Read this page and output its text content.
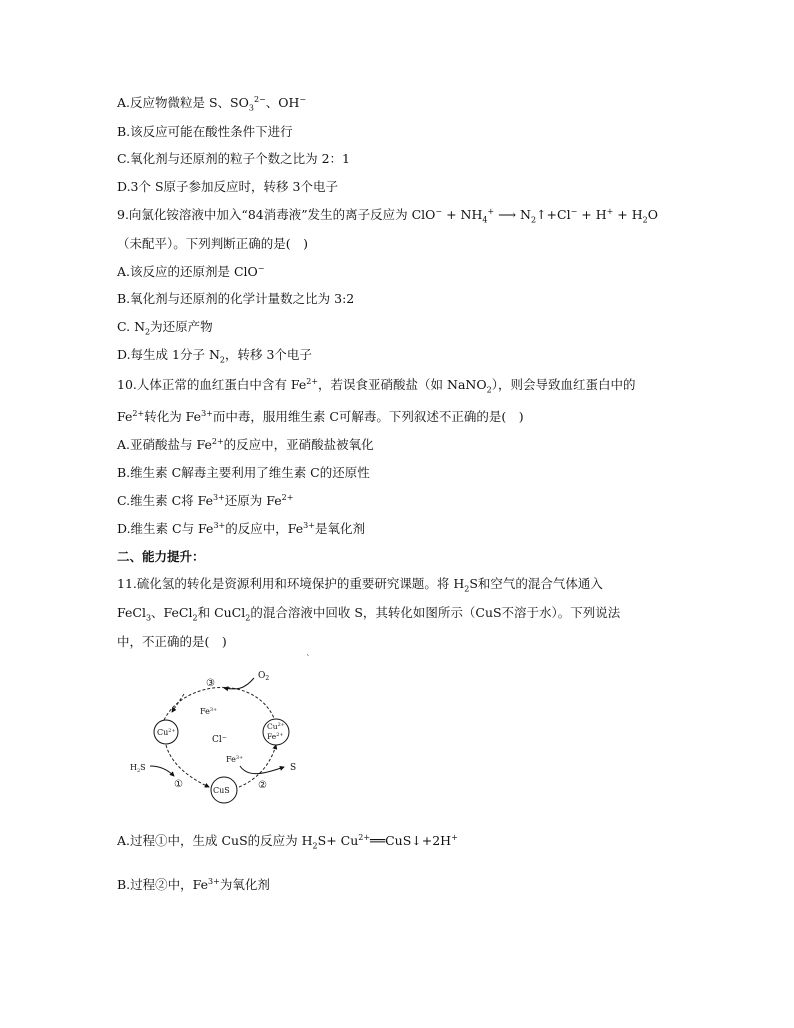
A.反应物微粒是 S、$SO_3^{2-}$、OH−
B.该反应可能在酸性条件下进行
C.氧化剂与还原剂的粒子个数之比为 2：1
D.3个 S原子参加反应时，转移 3个电子
9.向氯化铵溶液中加入“84消毒液”发生的离子反应为 $ClO^- + NH_4^+$ ⟶ $N_2↑+Cl^- + H^+ + H_2O$
（未配平）。下列判断正确的是(　)
A.该反应的还原剂是 ClO−
B.氧化剂与还原剂的化学计量数之比为 3:2
C. $N_2$为还原产物
D.每生成 1分子 $N_2$，转移 3个电子
10.人体正常的血红蛋白中含有 $Fe^{2+}$，若误食亚硝酸盐（如 NaNO$_2$），则会导致血红蛋白中的
$Fe^{2+}$转化为 $Fe^{3+}$而中毒，服用维生素 C可解毒。下列叙述不正确的是(　)
A.亚硝酸盐与 $Fe^{2+}$的反应中，亚硝酸盐被氧化
B.维生素 C解毒主要利用了维生素 C的还原性
C.维生素 C将 $Fe^{3+}$还原为 $Fe^{2+}$
D.维生素 C与 $Fe^{3+}$的反应中，$Fe^{3+}$是氧化剂
二、能力提升：
11.硫化氢的转化是资源利用和环境保护的重要研究课题。将 $H_2S$和空气的混合气体通入
FeCl$_3$、FeCl$_2$和 CuCl$_2$的混合溶液中回收 S，其转化如图所示（CuS不溶于水）。下列说法
中，不正确的是(　)
`
$O_2$
③
①	②
$Fe^{3+}$
$Cu^{2+}$	$Cu^{2+}$
$Fe^{2+}$
Cl−
$H_2S$
$Fe^{3+}$
S
CuS
A.过程①中，生成 CuS的反应为 $H_2S+$ $Cu^{2+}══CuS↓+2H^+$
B.过程②中，$Fe^{3+}$为氧化剂
